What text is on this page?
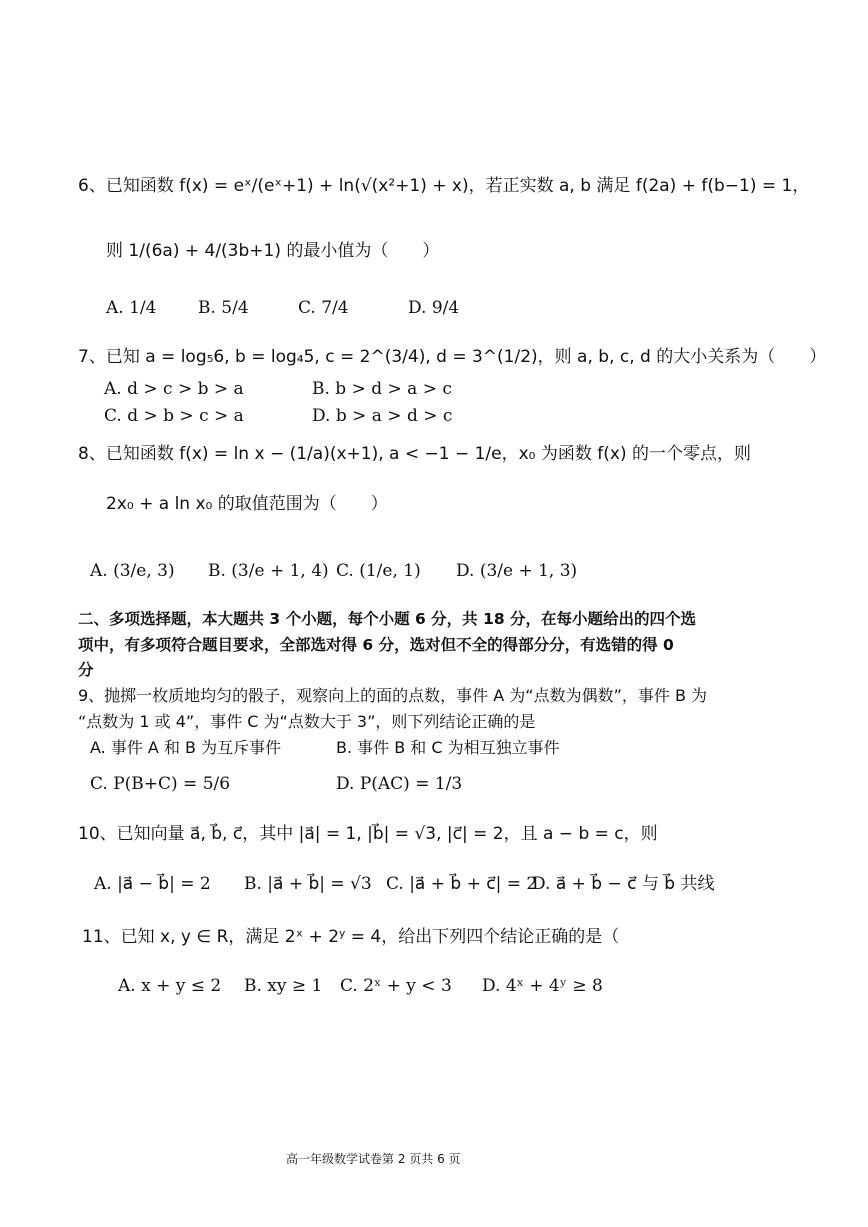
6、已知函数 f(x) = eˣ/(eˣ+1) + ln(√(x²+1) + x)，若正实数 a, b 满足 f(2a) + f(b−1) = 1，
则 1/(6a) + 4/(3b+1) 的最小值为（　　）
A. 1/4 B. 5/4	C. 7/4	D. 9/4
7、已知 a = log₅6, b = log₄5, c = 2^(3/4), d = 3^(1/2)，则 a, b, c, d 的大小关系为（　　）
A. d > c > b > a	B. b > d > a > c
C. d > b > c > a	D. b > a > d > c
8、已知函数 f(x) = ln x − (1/a)(x+1), a < −1 − 1/e，x₀ 为函数 f(x) 的一个零点，则
2x₀ + a ln x₀ 的取值范围为（　　）
A. (3/e, 3) B. (3/e + 1, 4) C. (1/e, 1) D. (3/e + 1, 3)
二、多项选择题，本大题共 3 个小题，每个小题 6 分，共 18 分，在每小题给出的四个选
项中，有多项符合题目要求，全部选对得 6 分，选对但不全的得部分分，有选错的得 0
分
9、抛掷一枚质地均匀的骰子，观察向上的面的点数，事件 A 为“点数为偶数”，事件 B 为
“点数为 1 或 4”，事件 C 为“点数大于 3”，则下列结论正确的是
A. 事件 A 和 B 为互斥事件	B. 事件 B 和 C 为相互独立事件
C. P(B+C) = 5/6	D. P(AC) = 1/3
10、已知向量 a⃗, b⃗, c⃗，其中 |a⃗| = 1, |b⃗| = √3, |c⃗| = 2，且 a − b = c，则
A. |a⃗ − b⃗| = 2 B. |a⃗ + b⃗| = √3 C. |a⃗ + b⃗ + c⃗| = 2
D. a⃗ + b⃗ − c⃗ 与 b⃗ 共线
11、已知 x, y ∈ R，满足 2ˣ + 2ʸ = 4，给出下列四个结论正确的是（
A. x + y ≤ 2 B. xy ≥ 1 C. 2ˣ + y < 3 D. 4ˣ + 4ʸ ≥ 8
高一年级数学试卷第 2 页共 6 页
